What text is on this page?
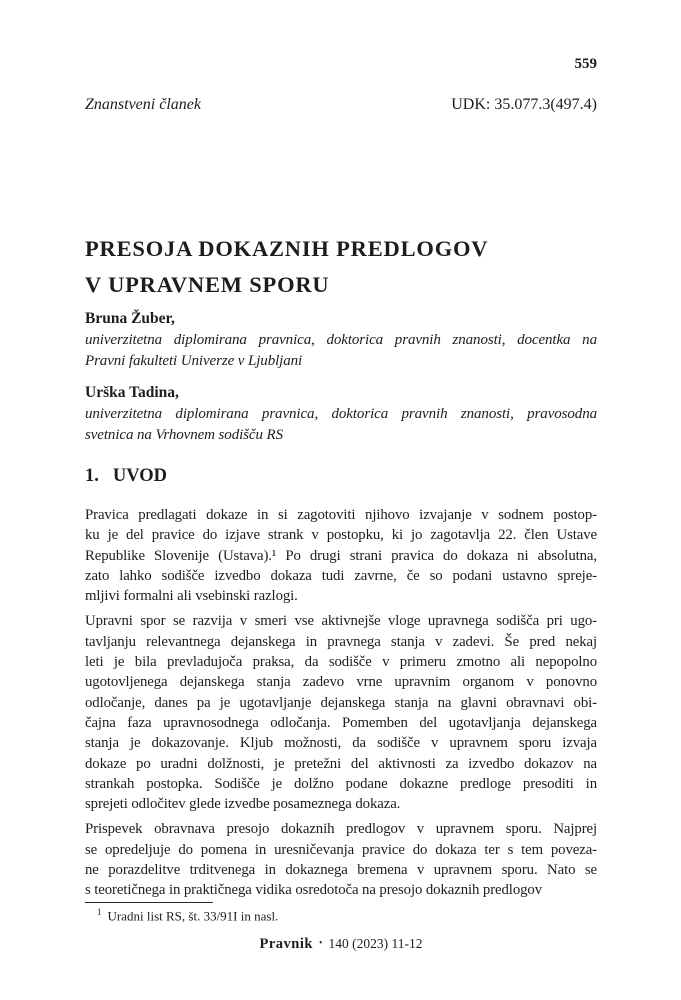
559
Znanstveni članek	UDK: 35.077.3(497.4)
PRESOJA DOKAZNIH PREDLOGOV
V UPRAVNEM SPORU
Bruna Žuber,
univerzitetna diplomirana pravnica, doktorica pravnih znanosti, docentka na
Pravni fakulteti Univerze v Ljubljani
Urška Tadina,
univerzitetna diplomirana pravnica, doktorica pravnih znanosti, pravosodna
svetnica na Vrhovnem sodišču RS
1. UVOD
Pravica predlagati dokaze in si zagotoviti njihovo izvajanje v sodnem postop-
ku je del pravice do izjave strank v postopku, ki jo zagotavlja 22. člen Ustave
Republike Slovenije (Ustava).¹ Po drugi strani pravica do dokaza ni absolutna,
zato lahko sodišče izvedbo dokaza tudi zavrne, če so podani ustavno spreje-
mljivi formalni ali vsebinski razlogi.
Upravni spor se razvija v smeri vse aktivnejše vloge upravnega sodišča pri ugo-
tavljanju relevantnega dejanskega in pravnega stanja v zadevi. Še pred nekaj
leti je bila prevladujoča praksa, da sodišče v primeru zmotno ali nepopolno
ugotovljenega dejanskega stanja zadevo vrne upravnim organom v ponovno
odločanje, danes pa je ugotavljanje dejanskega stanja na glavni obravnavi obi-
čajna faza upravnosodnega odločanja. Pomemben del ugotavljanja dejanskega
stanja je dokazovanje. Kljub možnosti, da sodišče v upravnem sporu izvaja
dokaze po uradni dolžnosti, je pretežni del aktivnosti za izvedbo dokazov na
strankah postopka. Sodišče je dolžno podane dokazne predloge presoditi in
sprejeti odločitev glede izvedbe posameznega dokaza.
Prispevek obravnava presojo dokaznih predlogov v upravnem sporu. Najprej
se opredeljuje do pomena in uresničevanja pravice do dokaza ter s tem poveza-
ne porazdelitve trditvenega in dokaznega bremena v upravnem sporu. Nato se
s teoretičnega in praktičnega vidika osredotoča na presojo dokaznih predlogov
$^1$ Uradni list RS, št. 33/91I in nasl.
Pravnik • 140 (2023) 11-12
